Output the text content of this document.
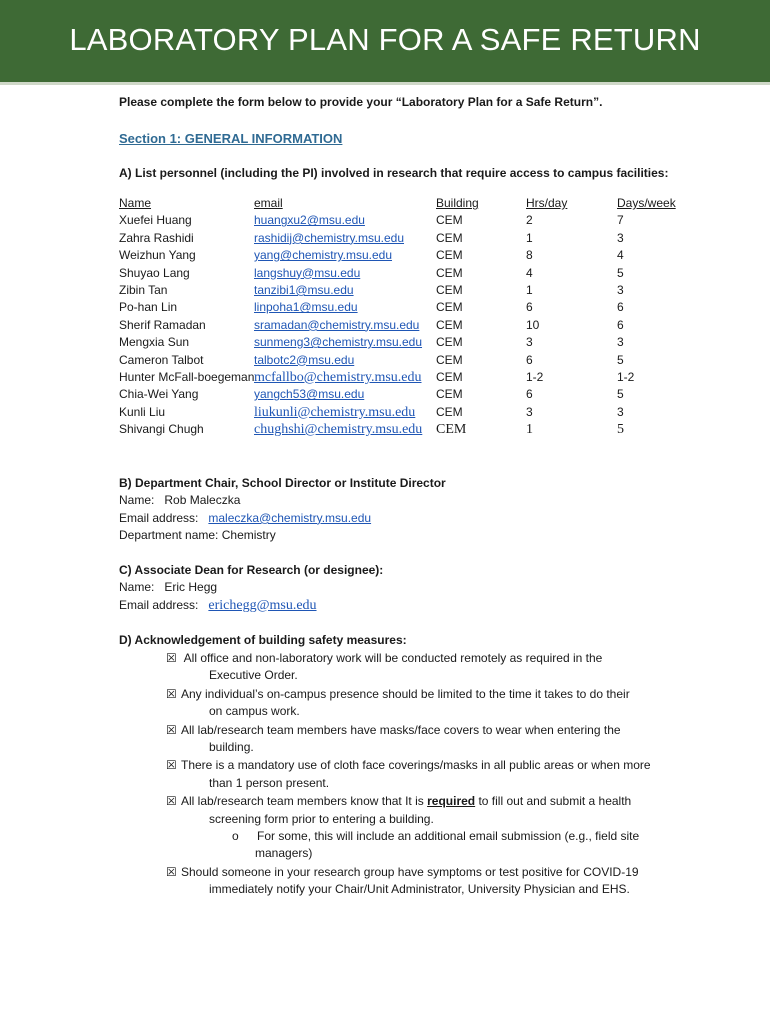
LABORATORY PLAN FOR A SAFE RETURN
Please complete the form below to provide your “Laboratory Plan for a Safe Return”.
Section 1: GENERAL INFORMATION
A) List personnel (including the PI) involved in research that require access to campus facilities:
Name	email	Building	Hrs/day	Days/week
Xuefei Huang	huangxu2@msu.edu	CEM	2	7
Zahra Rashidi	rashidij@chemistry.msu.edu	CEM	1	3
Weizhun Yang	yang@chemistry.msu.edu	CEM	8	4
Shuyao Lang	langshuy@msu.edu	CEM	4	5
Zibin Tan	tanzibi1@msu.edu	CEM	1	3
Po-han Lin	linpoha1@msu.edu	CEM	6	6
Sherif Ramadan	sramadan@chemistry.msu.edu CEM	10	6
Mengxia Sun	sunmeng3@chemistry.msu.edu CEM	3	3
Cameron Talbot	talbotc2@msu.edu	CEM	6	5
Hunter McFall-boegeman mcfallbo@chemistry.msu.edu CEM	1-2	1-2
Chia-Wei Yang	yangch53@msu.edu	CEM	6	5
Kunli Liu	liukunli@chemistry.msu.edu CEM	3	3
Shivangi Chugh	chughshi@chemistry.msu.edu CEM	1	5
B) Department Chair, School Director or Institute Director
Name: Rob Maleczka
Email address: maleczka@chemistry.msu.edu
Department name: Chemistry
C) Associate Dean for Research (or designee):
Name: Eric Hegg
Email address: erichegg@msu.edu
D) Acknowledgement of building safety measures:
☒ All office and non-laboratory work will be conducted remotely as required in the
Executive Order.
☒ Any individual’s on-campus presence should be limited to the time it takes to do their
on campus work.
☒ All lab/research team members have masks/face covers to wear when entering the
building.
☒ There is a mandatory use of cloth face coverings/masks in all public areas or when more
than 1 person present.
☒ All lab/research team members know that It is required to fill out and submit a health
screening form prior to entering a building.
o For some, this will include an additional email submission (e.g., field site
managers)
☒ Should someone in your research group have symptoms or test positive for COVID-19
immediately notify your Chair/Unit Administrator, University Physician and EHS.
